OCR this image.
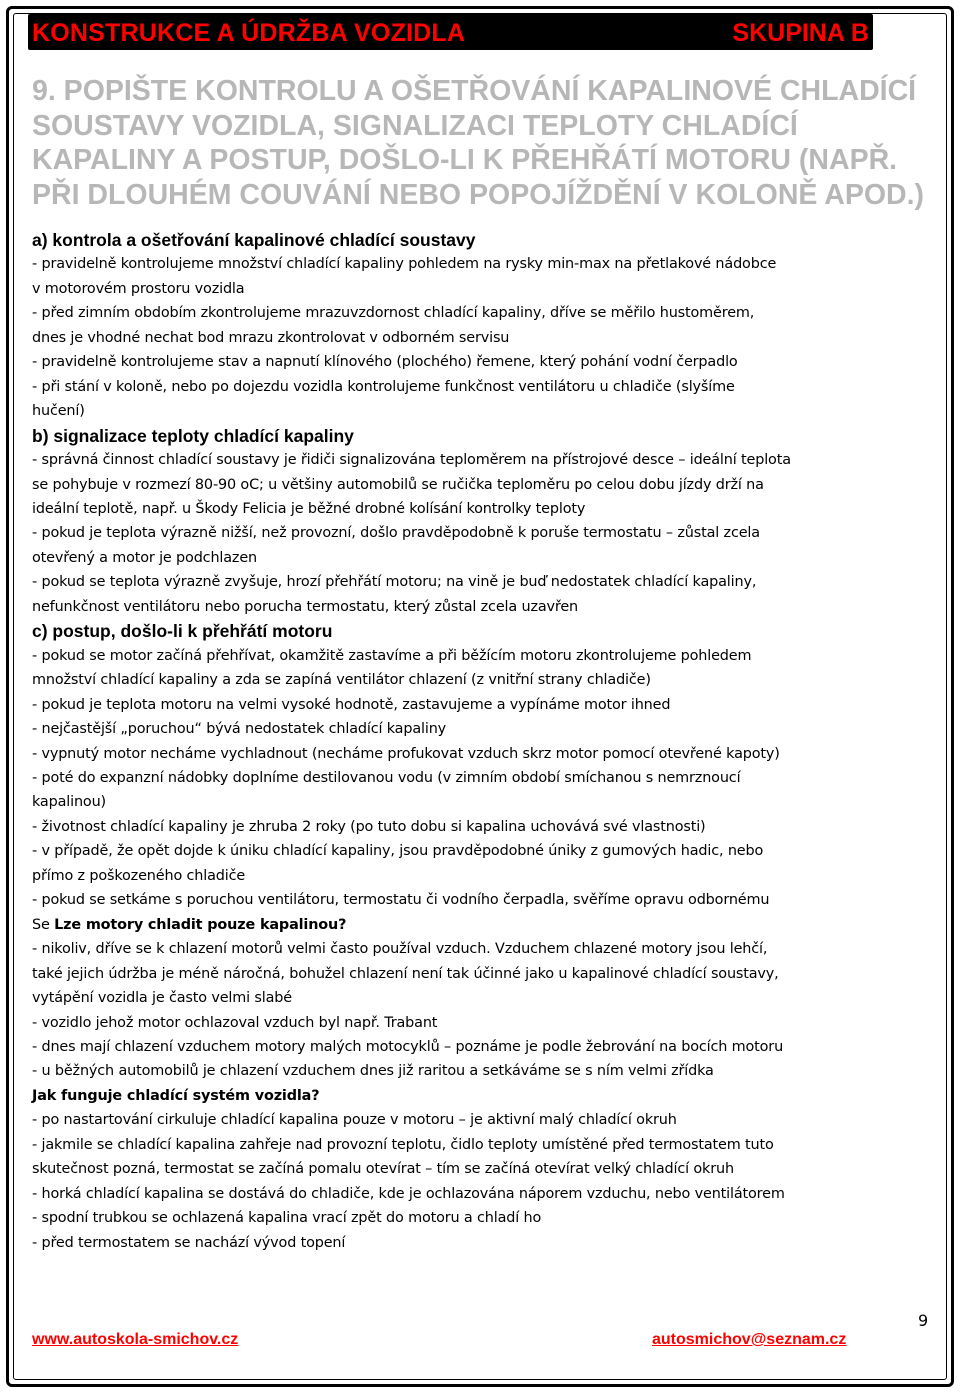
KONSTRUKCE A ÚDRŽBA VOZIDLA	SKUPINA B
9. POPIŠTE KONTROLU A OŠETŘOVÁNÍ KAPALINOVÉ CHLADÍCÍ
SOUSTAVY VOZIDLA, SIGNALIZACI TEPLOTY CHLADÍCÍ
KAPALINY A POSTUP, DOŠLO-LI K PŘEHŘÁTÍ MOTORU (NAPŘ.
PŘI DLOUHÉM COUVÁNÍ NEBO POPOJÍŽDĚNÍ V KOLONĚ APOD.)
a) kontrola a ošetřování kapalinové chladící soustavy
- pravidelně kontrolujeme množství chladící kapaliny pohledem na rysky min-max na přetlakové nádobce
v motorovém prostoru vozidla
- před zimním obdobím zkontrolujeme mrazuvzdornost chladící kapaliny, dříve se měřilo hustoměrem,
dnes je vhodné nechat bod mrazu zkontrolovat v odborném servisu
- pravidelně kontrolujeme stav a napnutí klínového (plochého) řemene, který pohání vodní čerpadlo
- při stání v koloně, nebo po dojezdu vozidla kontrolujeme funkčnost ventilátoru u chladiče (slyšíme
hučení)
b) signalizace teploty chladící kapaliny
- správná činnost chladící soustavy je řidiči signalizována teploměrem na přístrojové desce – ideální teplota
se pohybuje v rozmezí 80-90 oC; u většiny automobilů se ručička teploměru po celou dobu jízdy drží na
ideální teplotě, např. u Škody Felicia je běžné drobné kolísání kontrolky teploty
- pokud je teplota výrazně nižší, než provozní, došlo pravděpodobně k poruše termostatu – zůstal zcela
otevřený a motor je podchlazen
- pokud se teplota výrazně zvyšuje, hrozí přehřátí motoru; na vině je buď nedostatek chladící kapaliny,
nefunkčnost ventilátoru nebo porucha termostatu, který zůstal zcela uzavřen
c) postup, došlo-li k přehřátí motoru
- pokud se motor začíná přehřívat, okamžitě zastavíme a při běžícím motoru zkontrolujeme pohledem
množství chladící kapaliny a zda se zapíná ventilátor chlazení (z vnitřní strany chladiče)
- pokud je teplota motoru na velmi vysoké hodnotě, zastavujeme a vypínáme motor ihned
- nejčastější „poruchou“ bývá nedostatek chladící kapaliny
- vypnutý motor necháme vychladnout (necháme profukovat vzduch skrz motor pomocí otevřené kapoty)
- poté do expanzní nádobky doplníme destilovanou vodu (v zimním období smíchanou s nemrznoucí
kapalinou)
- životnost chladící kapaliny je zhruba 2 roky (po tuto dobu si kapalina uchovává své vlastnosti)
- v případě, že opět dojde k úniku chladící kapaliny, jsou pravděpodobné úniky z gumových hadic, nebo
přímo z poškozeného chladiče
- pokud se setkáme s poruchou ventilátoru, termostatu či vodního čerpadla, svěříme opravu odbornému
Se Lze motory chladit pouze kapalinou?
- nikoliv, dříve se k chlazení motorů velmi často používal vzduch. Vzduchem chlazené motory jsou lehčí,
také jejich údržba je méně náročná, bohužel chlazení není tak účinné jako u kapalinové chladící soustavy,
vytápění vozidla je často velmi slabé
- vozidlo jehož motor ochlazoval vzduch byl např. Trabant
- dnes mají chlazení vzduchem motory malých motocyklů – poznáme je podle žebrování na bocích motoru
- u běžných automobilů je chlazení vzduchem dnes již raritou a setkáváme se s ním velmi zřídka
Jak funguje chladící systém vozidla?
- po nastartování cirkuluje chladící kapalina pouze v motoru – je aktivní malý chladící okruh
- jakmile se chladící kapalina zahřeje nad provozní teplotu, čidlo teploty umístěné před termostatem tuto
skutečnost pozná, termostat se začíná pomalu otevírat – tím se začíná otevírat velký chladící okruh
- horká chladící kapalina se dostává do chladiče, kde je ochlazována náporem vzduchu, nebo ventilátorem
- spodní trubkou se ochlazená kapalina vrací zpět do motoru a chladí ho
- před termostatem se nachází vývod topení
www.autoskola-smichov.cz	autosmichov@seznam.cz
9
